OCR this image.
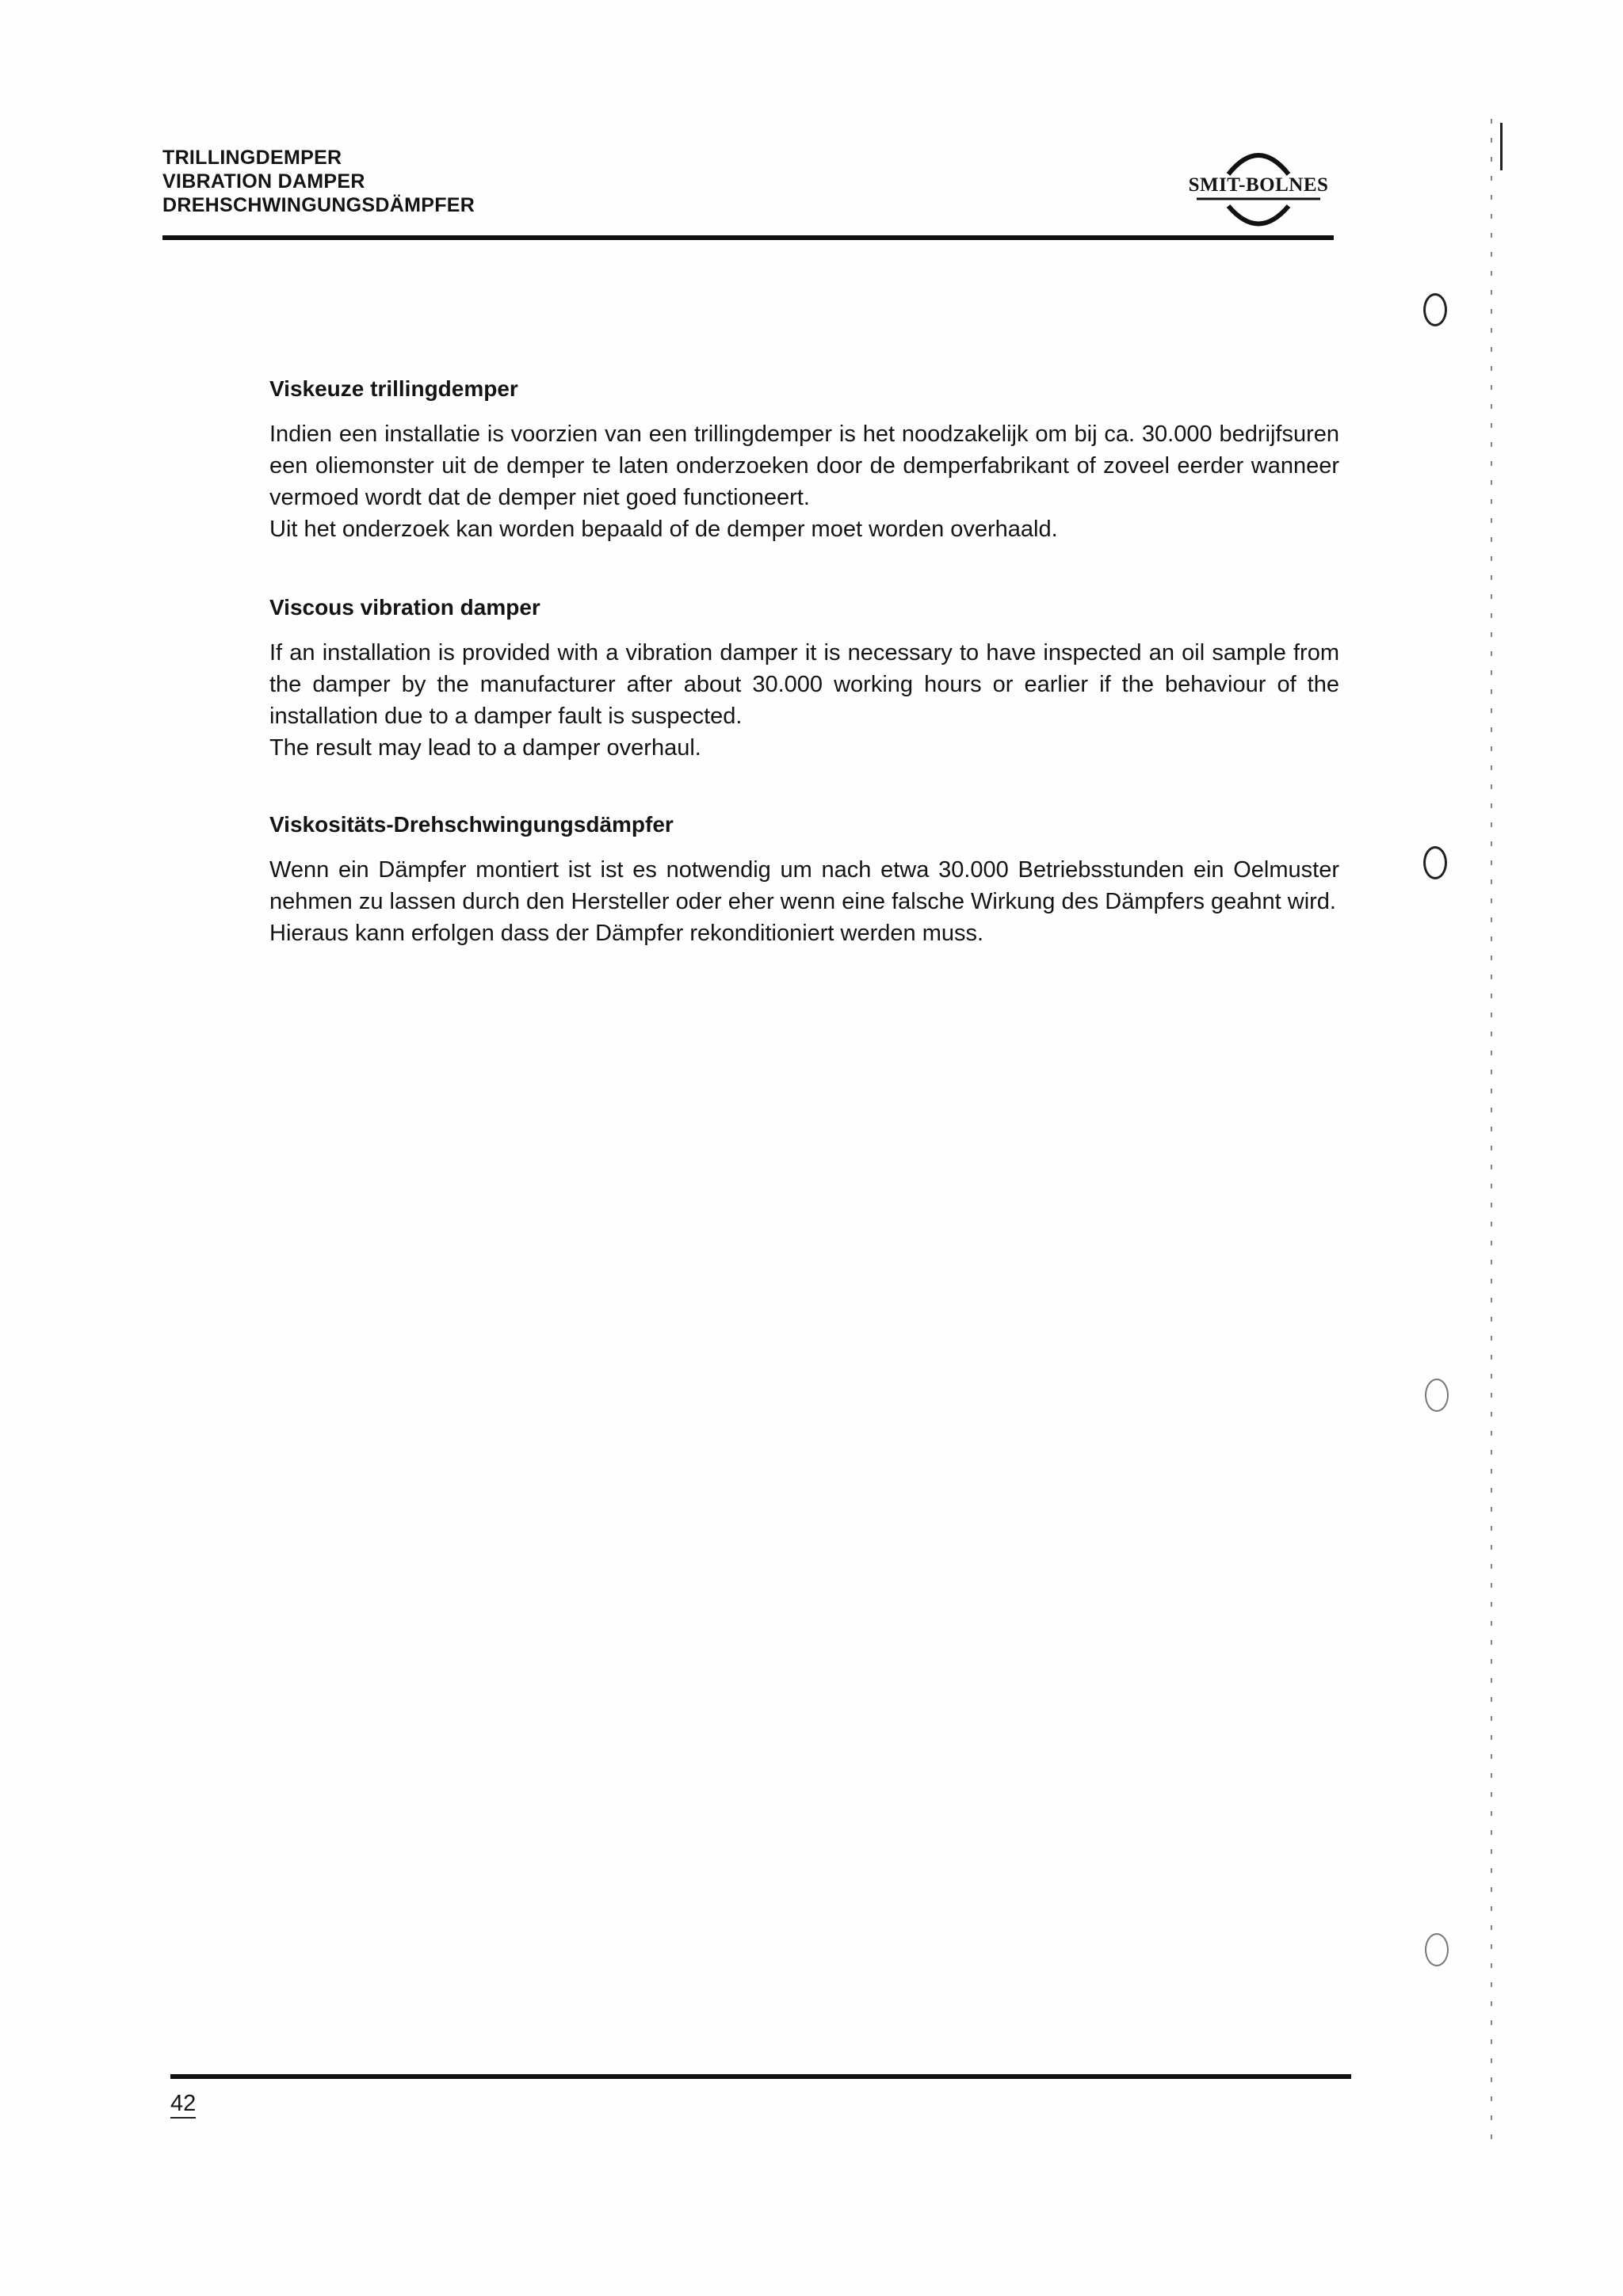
TRILLINGDEMPER
VIBRATION DAMPER
DREHSCHWINGUNGSDÄMPFER
SMIT-BOLNES
Viskeuze trillingdemper

Indien een installatie is voorzien van een trillingdemper is het noodzakelijk om bij ca. 30.000 bedrijfsuren een oliemonster uit de demper te laten onderzoeken door de demperfabrikant of zoveel eerder wanneer vermoed wordt dat de demper niet goed functioneert.

Uit het onderzoek kan worden bepaald of de demper moet worden overhaald.

Viscous vibration damper

If an installation is provided with a vibration damper it is necessary to have inspected an oil sample from the damper by the manufacturer after about 30.000 working hours or earlier if the behaviour of the installation due to a damper fault is suspected.

The result may lead to a damper overhaul.

Viskositäts-Drehschwingungsdämpfer

Wenn ein Dämpfer montiert ist ist es notwendig um nach etwa 30.000 Betriebsstunden ein Oelmuster nehmen zu lassen durch den Hersteller oder eher wenn eine falsche Wirkung des Dämpfers geahnt wird.

Hieraus kann erfolgen dass der Dämpfer rekonditioniert werden muss.

42
